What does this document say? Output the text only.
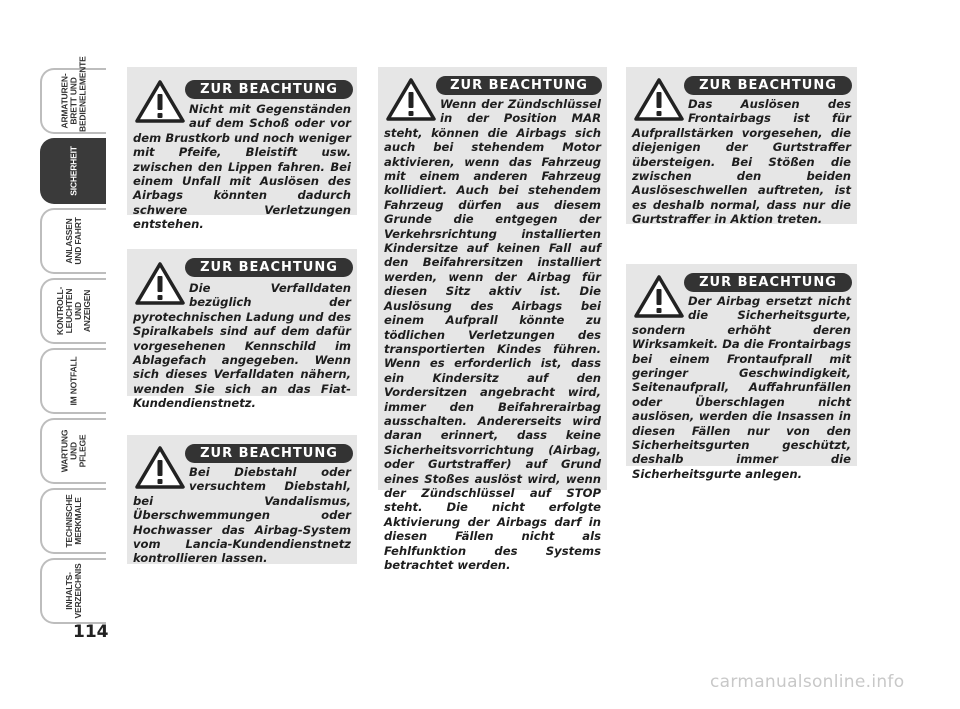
ARMATUREN-
BRETT UND
BEDIENELEMENTE
SICHERHEIT
ANLASSEN
UND FAHRT
KONTROLL-
LEUCHTEN UND
ANZEIGEN
IM NOTFALL
WARTUNG UND
PFLEGE
TECHNISCHE
MERKMALE
INHALTS-
VERZEICHNIS
114
ZUR BEACHTUNG

Nicht mit Gegenständen auf dem Schoß oder vor dem Brustkorb und noch weniger mit Pfeife, Bleistift usw. zwischen den Lippen fahren. Bei einem Unfall mit Auslösen des Airbags könnten dadurch schwere Verletzungen entstehen.

ZUR BEACHTUNG

Die Verfalldaten bezüglich der pyrotechnischen Ladung und des Spiralkabels sind auf dem dafür vorgesehenen Kennschild im Ablagefach angegeben. Wenn sich dieses Verfalldaten nähern, wenden Sie sich an das Fiat-Kundendienstnetz.

ZUR BEACHTUNG

Bei Diebstahl oder versuchtem Diebstahl, bei Vandalismus, Überschwemmungen oder Hochwasser das Airbag-System vom Lancia-Kundendienstnetz kontrollieren lassen.

ZUR BEACHTUNG

Wenn der Zündschlüssel in der Position MAR steht, können die Airbags sich auch bei stehendem Motor aktivieren, wenn das Fahrzeug mit einem anderen Fahrzeug kollidiert. Auch bei stehendem Fahrzeug dürfen aus diesem Grunde die entgegen der Verkehrsrichtung installierten Kindersitze auf keinen Fall auf den Beifahrersitzen installiert werden, wenn der Airbag für diesen Sitz aktiv ist. Die Auslösung des Airbags bei einem Aufprall könnte zu tödlichen Verletzungen des transportierten Kindes führen. Wenn es erforderlich ist, dass ein Kindersitz auf den Vordersitzen angebracht wird, immer den Beifahrerairbag ausschalten. Andererseits wird daran erinnert, dass keine Sicherheitsvorrichtung (Airbag, oder Gurtstraffer) auf Grund eines Stoßes auslöst wird, wenn der Zündschlüssel auf STOP steht. Die nicht erfolgte Aktivierung der Airbags darf in diesen Fällen nicht als Fehlfunktion des Systems betrachtet werden.

ZUR BEACHTUNG

Das Auslösen des Frontairbags ist für Aufprallstärken vorgesehen, die diejenigen der Gurtstraffer übersteigen. Bei Stößen die zwischen den beiden Auslöseschwellen auftreten, ist es deshalb normal, dass nur die Gurtstraffer in Aktion treten.

ZUR BEACHTUNG

Der Airbag ersetzt nicht die Sicherheitsgurte, sondern erhöht deren Wirksamkeit. Da die Frontairbags bei einem Frontaufprall mit geringer Geschwindigkeit, Seitenaufprall, Auffahrunfällen oder Überschlagen nicht auslösen, werden die Insassen in diesen Fällen nur von den Sicherheitsgurten geschützt, deshalb immer die Sicherheitsgurte anlegen.

carmanualsonline.info
